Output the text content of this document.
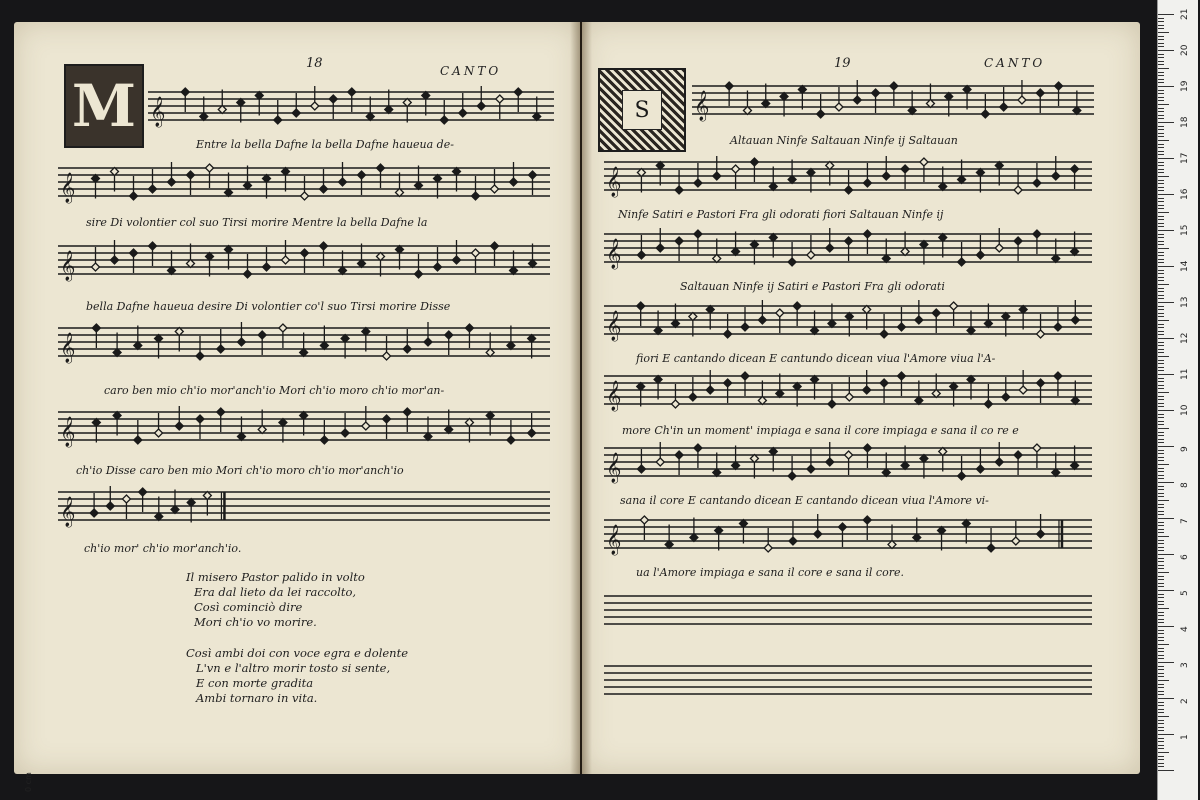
18	CANTO
M 𝄞
Entre la bella Dafne la bella Dafne haueua de-
𝄞
sire Di volontier col suo Tirsi morire Mentre la bella Dafne la
𝄞
bella Dafne haueua desire Di volontier co'l suo Tirsi morire Disse
𝄞
caro ben mio ch'io mor'anch'io Mori ch'io moro ch'io mor'an-
𝄞
ch'io Disse caro ben mio Mori ch'io moro ch'io mor'anch'io
𝄞
ch'io mor' ch'io mor'anch'io.
Il misero Pastor palido in volto
Era dal lieto da lei raccolto,
Così cominciò dire
Mori ch'io vo morire.
Così ambi doi con voce egra e dolente
L'vn e l'altro morir tosto si sente,
E con morte gradita
Ambi tornaro in vita.
19	CANTO
S 𝄞
Altauan Ninfe Saltauan Ninfe ij Saltauan
𝄞
Ninfe Satiri e Pastori Fra gli odorati fiori Saltauan Ninfe ij
𝄞
Saltauan Ninfe ij Satiri e Pastori Fra gli odorati
𝄞
fiori E cantando dicean E cantundo dicean viua l'Amore viua l'A-
𝄞
more Ch'in un moment' impiaga e sana il core impiaga e sana il co re e
𝄞
sana il core E cantando dicean E cantando dicean viua l'Amore vi-
𝄞
ua l'Amore impiaga e sana il core e sana il core.
1
2
3
4
5
6
7
8
9
10
11
12
13
14
15
16
17
18
19
20
21
0 cm
